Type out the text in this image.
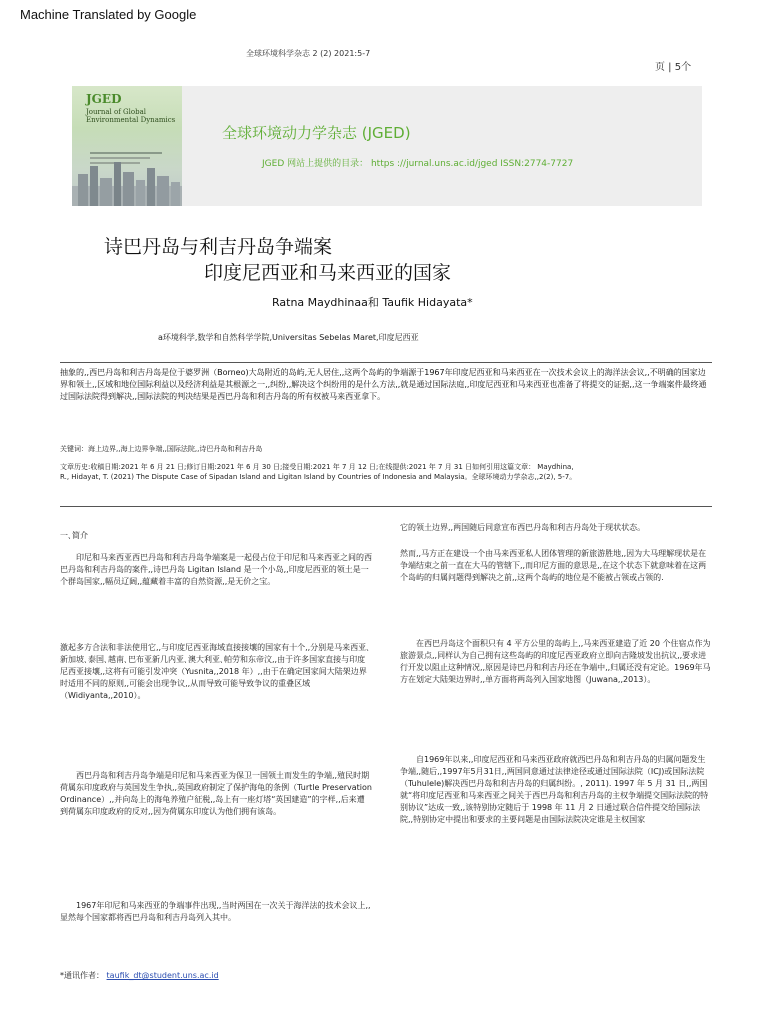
Machine Translated by Google
全球环境科学杂志 2 (2) 2021:5-7
页 | 5个
JGED
Journal of Global
Environmental Dynamics
全球环境动力学杂志 (JGED)
JGED 网站上提供的目录： https ://jurnal.uns.ac.id/jged ISSN:2774-7727
诗巴丹岛与利吉丹岛争端案
印度尼西亚和马来西亚的国家
Ratna Maydhinaa和 Taufik Hidayata*
a环境科学,数学和自然科学学院,Universitas Sebelas Maret,印度尼西亚
抽象的,,西巴丹岛和利吉丹岛是位于婆罗洲（Borneo)大岛附近的岛屿,无人居住,,这两个岛屿的争端源于1967年印度尼西亚和马来西亚在一次技术会议上的海洋法会议,,不明确的国家边界和领土,,区域和地位国际利益以及经济利益是其根源之一,,纠纷,,解决这个纠纷用的是什么方法,,就是通过国际法庭,,印度尼西亚和马来西亚也准备了将提交的证据,,这一争端案件最终通过国际法院得到解决,,国际法院的判决结果是西巴丹岛和利吉丹岛的所有权被马来西亚拿下。
关键词：海上边界,,海上边界争端,,国际法院,,诗巴丹岛和利吉丹岛
文章历史:收稿日期:2021 年 6 月 21 日;修订日期:2021 年 6 月 30 日;接受日期:2021 年 7 月 12 日;在线提供:2021 年 7 月 31 日如何引用这篇文章： Maydhina, R., Hidayat, T. (2021) The Dispute Case of Sipadan Island and Ligitan Island by Countries of Indonesia and Malaysia。全球环境动力学杂志,,2(2), 5-7。
一､简介
印尼和马来西亚西巴丹岛和利吉丹岛争端案是一起侵占位于印尼和马来西亚之间的西巴丹岛和利吉丹岛的案件,,诗巴丹岛 Ligitan Island 是一个小岛,,印度尼西亚的领土是一个群岛国家,,幅员辽阔,,蕴藏着丰富的自然资源,,是无价之宝。
激起多方合法和非法使用它,,与印度尼西亚海域直接接壤的国家有十个,,分别是马来西亚､新加坡､泰国､越南､巴布亚新几内亚､澳大利亚､帕劳和东帝汶,,由于许多国家直接与印度尼西亚接壤,,这将有可能引发冲突（Yusnita,,2018 年）,,由于在确定国家间大陆架边界时适用不同的原则,,可能会出现争议,,从而导致可能导致争议的重叠区域（Widiyanta,,2010）。
西巴丹岛和利吉丹岛争端是印尼和马来西亚为保卫一国领土而发生的争端,,殖民时期荷属东印度政府与英国发生争执,,英国政府制定了保护海龟的条例（Turtle Preservation Ordinance）,,并向岛上的海龟养殖户征税,,岛上有一座灯塔“英国建造”的字样,,后来遭到荷属东印度政府的反对,,因为荷属东印度认为他们拥有该岛。
1967年印尼和马来西亚的争端事件出现,,当时两国在一次关于海洋法的技术会议上,,显然每个国家都将西巴丹岛和利吉丹岛列入其中。
它的领土边界,,两国随后同意宣布西巴丹岛和利吉丹岛处于现状状态。
然而,,马方正在建设一个由马来西亚私人团体管理的新旅游胜地,,因为大马理解现状是在争端结束之前一直在大马的管辖下,,而印尼方面的意思是,,在这个状态下就意味着在这两个岛屿的归属问题得到解决之前,,这两个岛屿的地位是不能被占领或占领的.
在西巴丹岛这个面积只有 4 平方公里的岛屿上,,马来西亚建造了近 20 个住宿点作为旅游景点,,同样认为自己拥有这些岛屿的印度尼西亚政府立即向吉隆坡发出抗议,,要求进行开发以阻止这种情况,,原因是诗巴丹和利吉丹还在争端中,,归属还没有定论。1969年马方在划定大陆架边界时,,单方面将两岛列入国家地图（Juwana,,2013）。
自1969年以来,,印度尼西亚和马来西亚政府就西巴丹岛和利吉丹岛的归属问题发生争端,,随后,,1997年5月31日,,两国同意通过法律途径或通过国际法院（ICJ)或国际法院（Tuhulele)解决西巴丹岛和利吉丹岛的归属纠纷。, 2011). 1997 年 5 月 31 日,,两国就“将印度尼西亚和马来西亚之间关于西巴丹岛和利吉丹岛的主权争端提交国际法院的特别协议”达成一致,,该特别协定随后于 1998 年 11 月 2 日通过联合信件提交给国际法院,,特别协定中提出和要求的主要问题是由国际法院决定谁是主权国家
*通讯作者： taufik_dt@student.uns.ac.id
